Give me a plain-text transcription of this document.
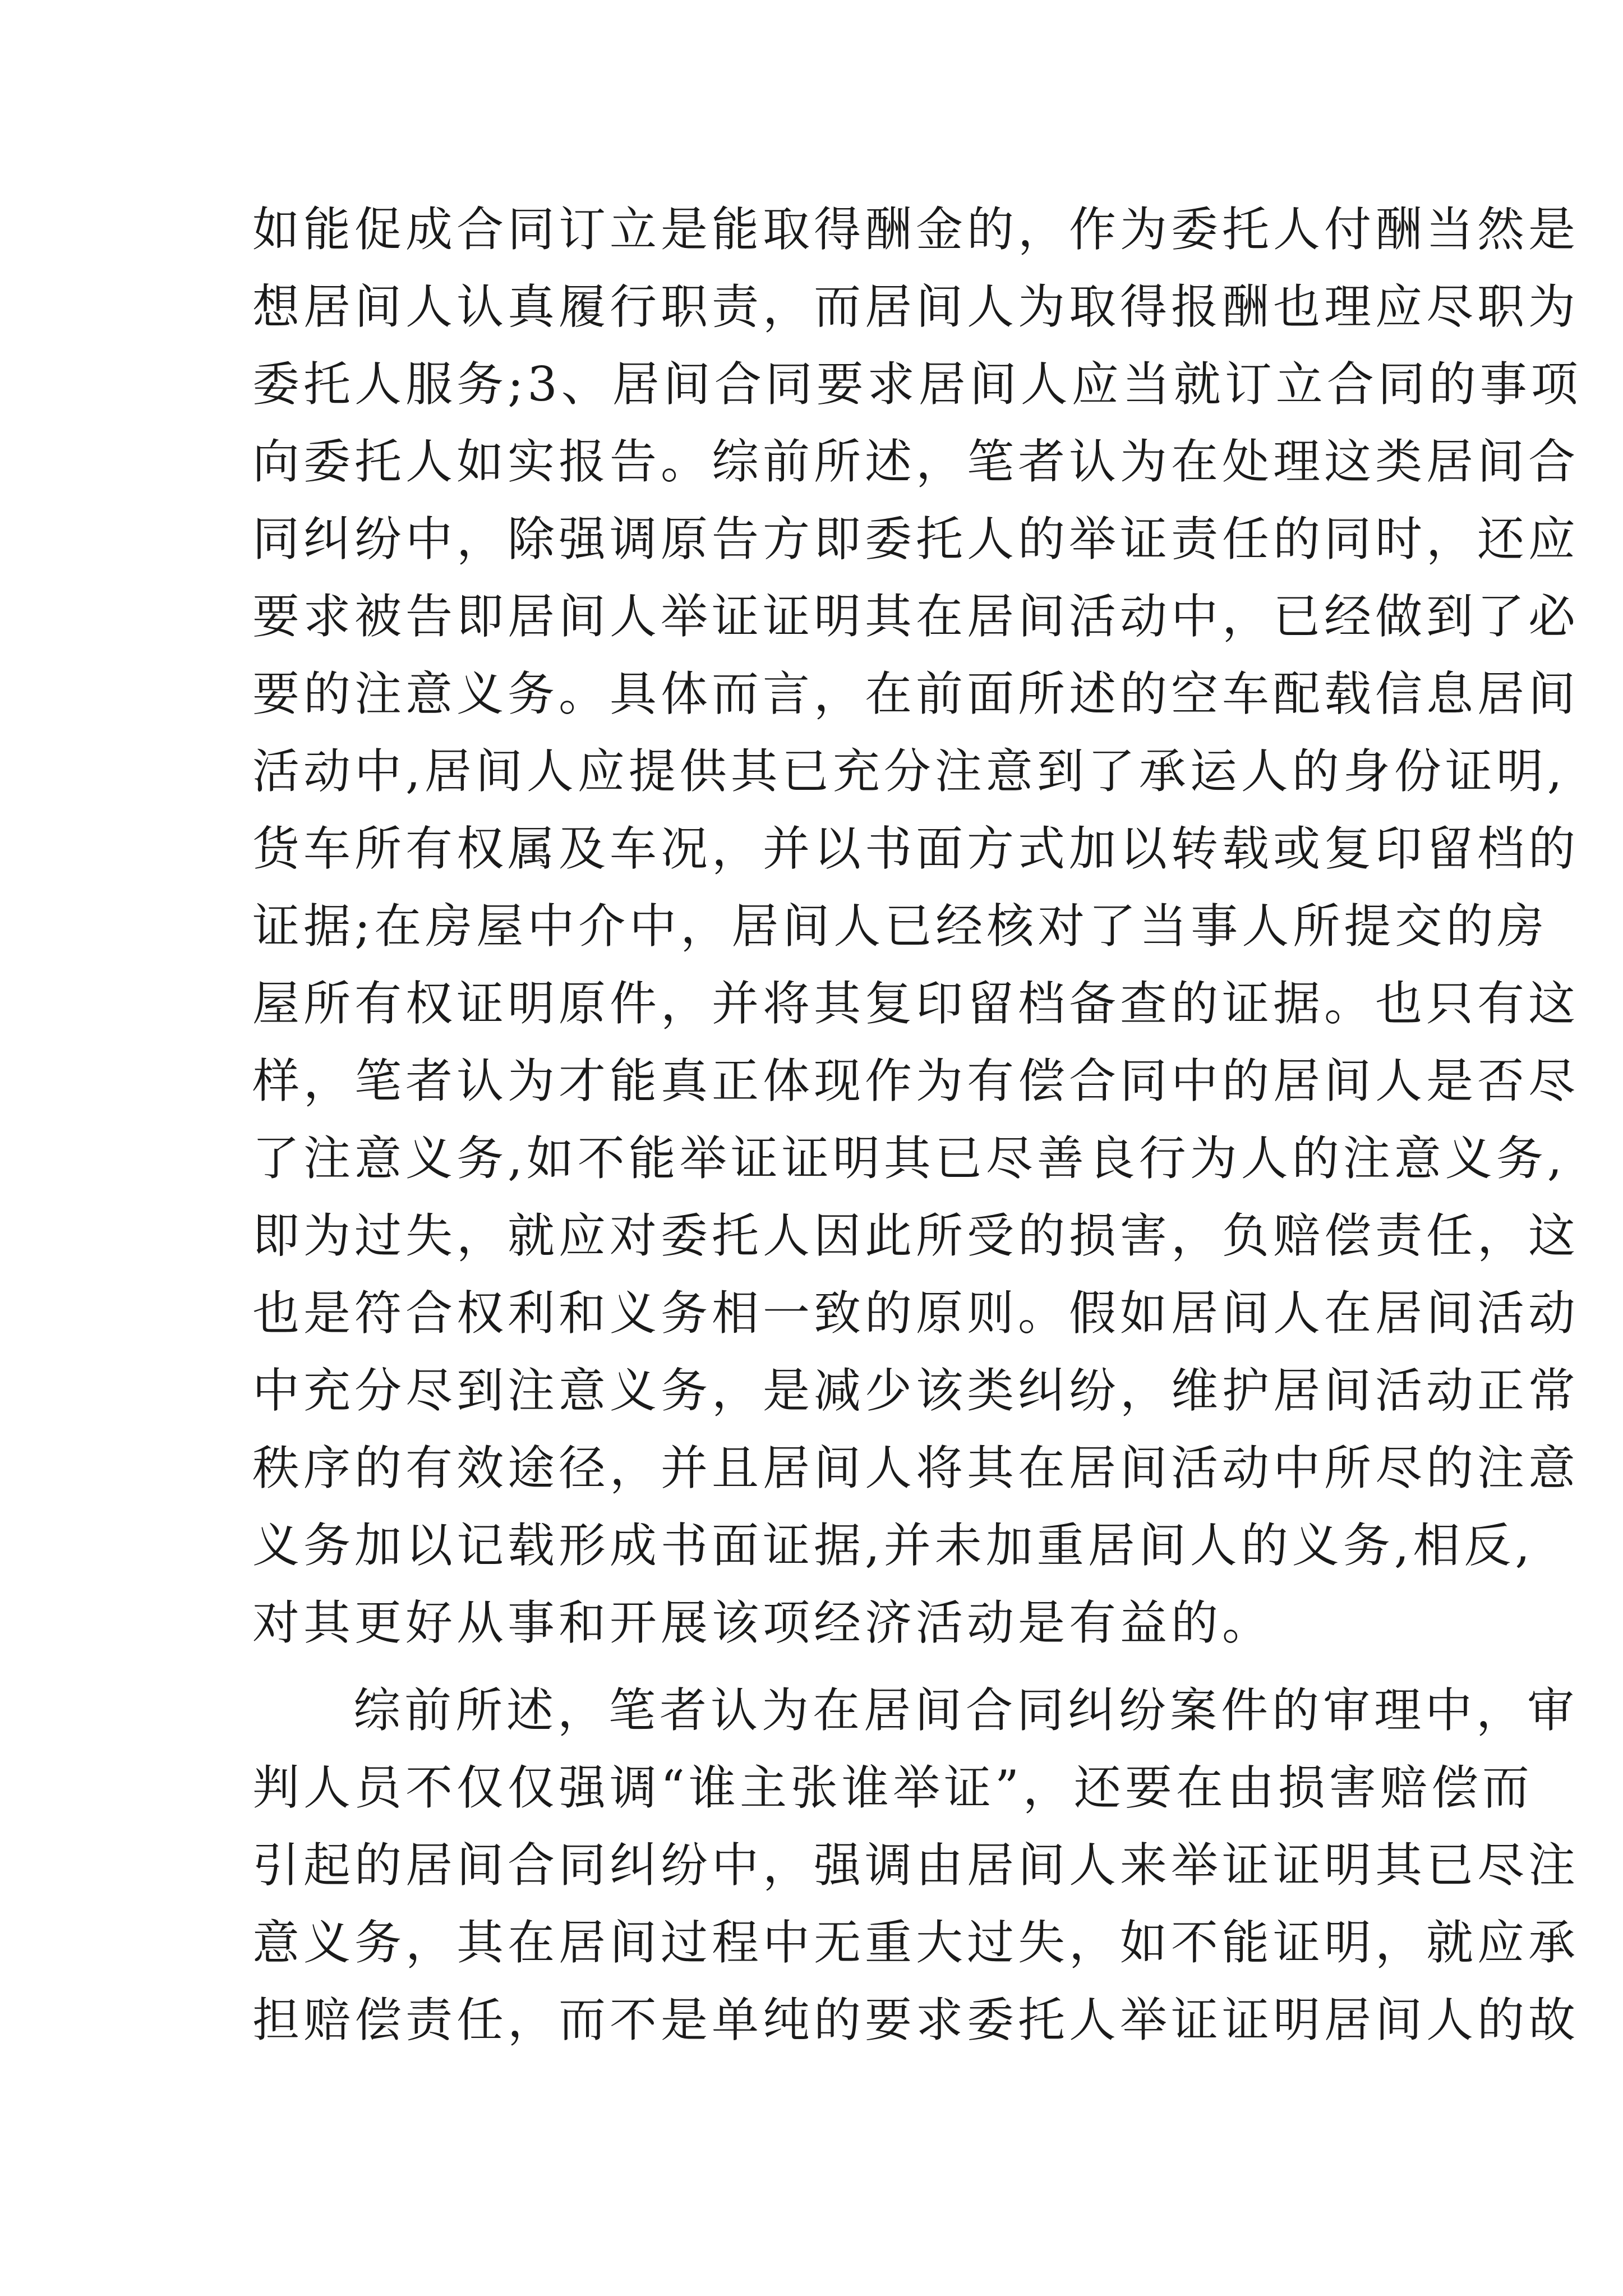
如能促成合同订立是能取得酬金的，作为委托人付酬当然是
想居间人认真履行职责，而居间人为取得报酬也理应尽职为
委托人服务;3、居间合同要求居间人应当就订立合同的事项
向委托人如实报告。综前所述，笔者认为在处理这类居间合
同纠纷中，除强调原告方即委托人的举证责任的同时，还应
要求被告即居间人举证证明其在居间活动中，已经做到了必
要的注意义务。具体而言，在前面所述的空车配载信息居间
活动中,居间人应提供其已充分注意到了承运人的身份证明,
货车所有权属及车况，并以书面方式加以转载或复印留档的
证据;在房屋中介中，居间人已经核对了当事人所提交的房
屋所有权证明原件，并将其复印留档备查的证据。也只有这
样，笔者认为才能真正体现作为有偿合同中的居间人是否尽
了注意义务,如不能举证证明其已尽善良行为人的注意义务,
即为过失，就应对委托人因此所受的损害，负赔偿责任，这
也是符合权利和义务相一致的原则。假如居间人在居间活动
中充分尽到注意义务，是减少该类纠纷，维护居间活动正常
秩序的有效途径，并且居间人将其在居间活动中所尽的注意
义务加以记载形成书面证据,并未加重居间人的义务,相反,
对其更好从事和开展该项经济活动是有益的。
综前所述，笔者认为在居间合同纠纷案件的审理中，审
判人员不仅仅强调“谁主张谁举证”，还要在由损害赔偿而
引起的居间合同纠纷中，强调由居间人来举证证明其已尽注
意义务，其在居间过程中无重大过失，如不能证明，就应承
担赔偿责任，而不是单纯的要求委托人举证证明居间人的故
